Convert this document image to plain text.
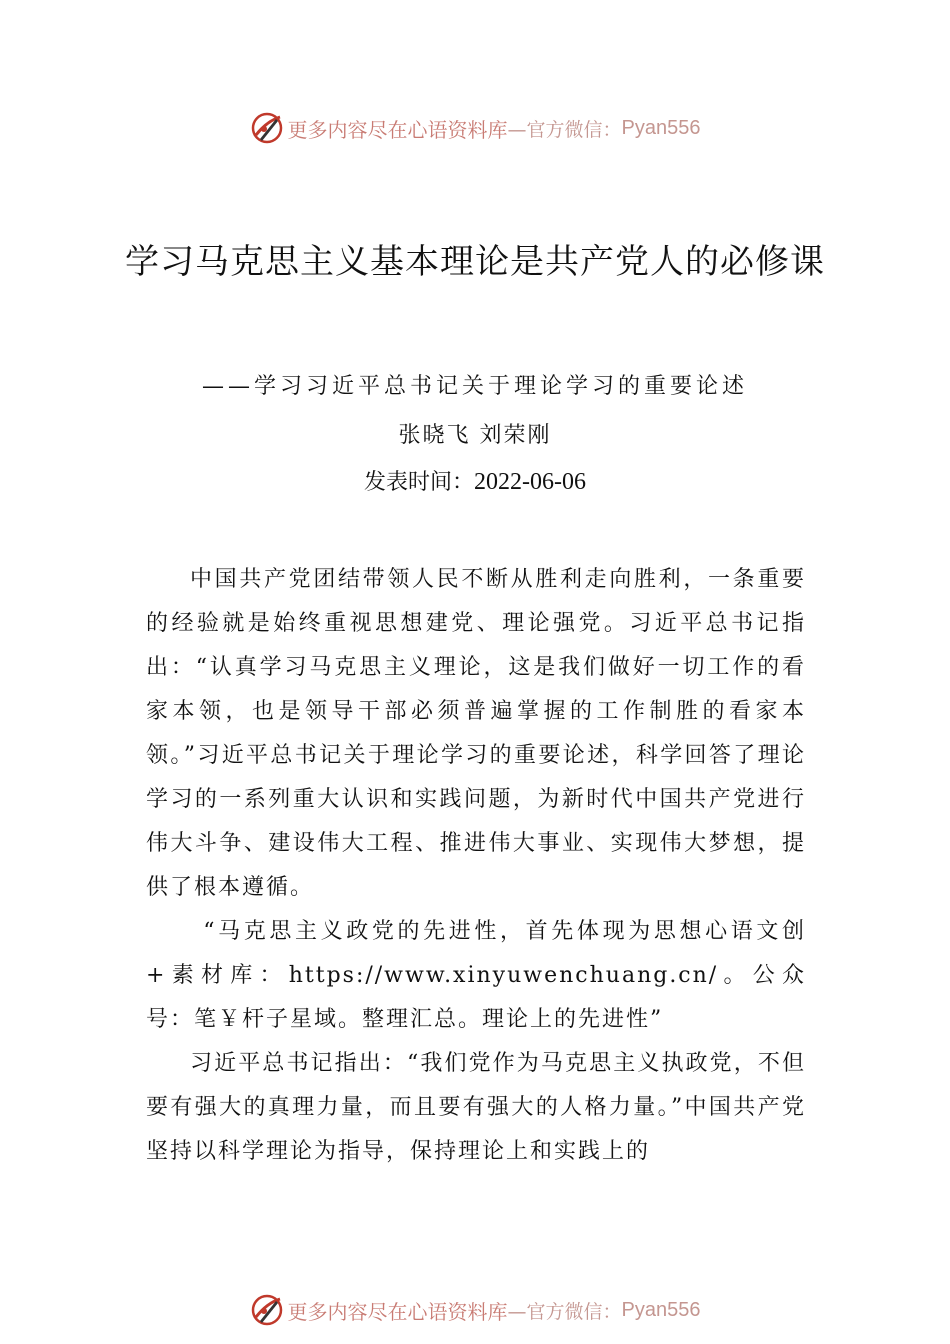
更多内容尽在心语资料库 —官方微信： Pyan556
学习马克思主义基本理论是共产党人的必修课
——学习习近平总书记关于理论学习的重要论述
张晓飞 刘荣刚
发表时间：2022-06-06

中国共产党团结带领人民不断从胜利走向胜利，一条重要的经验就是始终重视思想建党、理论强党。习近平总书记指出：“认真学习马克思主义理论，这是我们做好一切工作的看家本领，也是领导干部必须普遍掌握的工作制胜的看家本领。”习近平总书记关于理论学习的重要论述，科学回答了理论学习的一系列重大认识和实践问题，为新时代中国共产党进行伟大斗争、建设伟大工程、推进伟大事业、实现伟大梦想，提供了根本遵循。

“马克思主义政党的先进性，首先体现为思想心语文创+素材库：https://www.xinyuwenchuang.cn/。公众号：笔￥杆子星域。整理汇总。理论上的先进性”

习近平总书记指出：“我们党作为马克思主义执政党，不但要有强大的真理力量，而且要有强大的人格力量。”中国共产党坚持以科学理论为指导，保持理论上和实践上的

更多内容尽在心语资料库 —官方微信： Pyan556
